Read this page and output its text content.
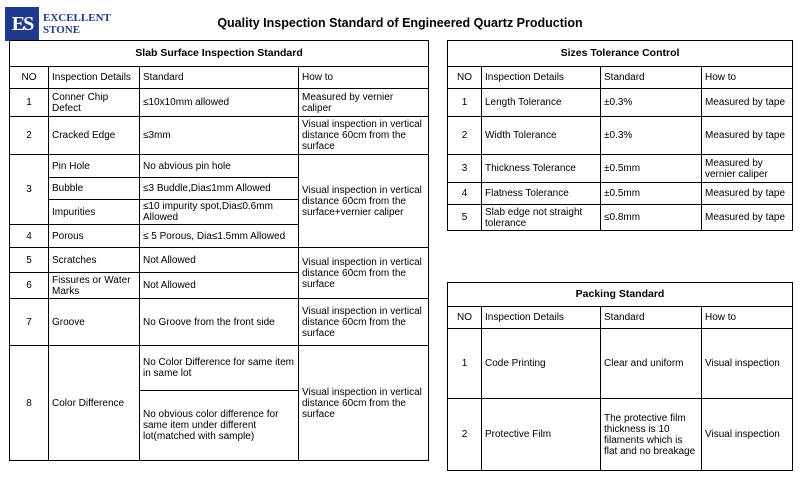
ES EXCELLENT
STONE	Quality Inspection Standard of Engineered Quartz Production
Slab Surface Inspection Standard			
NO	Inspection Details	Standard	How to
1	Conner Chip Defect	≤10x10mm allowed	Measured by vernier caliper
2	Cracked Edge	≤3mm	Visual inspection in vertical distance 60cm from the surface
3	Pin Hole	No abvious pin hole	Visual inspection in vertical distance 60cm from the surface+vernier caliper
	Bubble	≤3 Buddle,Dia≤1mm Allowed	
	Impurities	≤10 impurity spot,Dia≤0.6mm Allowed	
4	Porous	≤ 5 Porous, Dia≤1.5mm Allowed	
5	Scratches	Not Allowed	Visual inspection in vertical distance 60cm from the surface
6	Fissures or Water Marks	Not Allowed	
7	Groove	No Groove from the front side	Visual inspection in vertical distance 60cm from the surface
8	Color Difference	No Color Difference for same item in same lot	Visual inspection in vertical distance 60cm from the surface
		No obvious color difference for same item under different lot(matched with sample)	
Sizes Tolerance Control			
NO	Inspection Details	Standard	How to
1	Length Tolerance	±0.3%	Measured by tape
2	Width Tolerance	±0.3%	Measured by tape
3	Thickness Tolerance	±0.5mm	Measured by vernier caliper
4	Flatness Tolerance	±0.5mm	Measured by tape
5	Slab edge not straight tolerance	≤0.8mm	Measured by tape
Packing Standard			
NO	Inspection Details	Standard	How to
1	Code Printing	Clear and uniform	Visual inspection
2	Protective Film	The protective film thickness is 10 filaments which is flat and no breakage	Visual inspection
